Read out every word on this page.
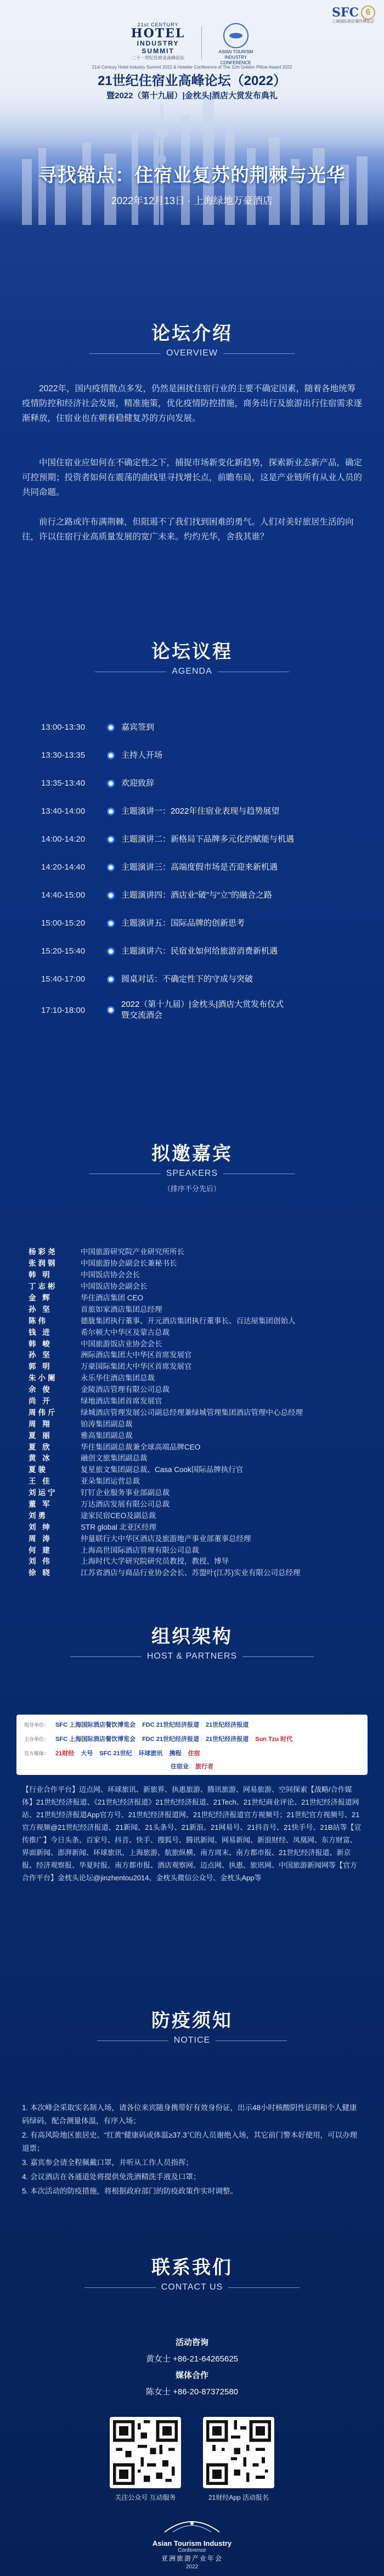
SFC 6
上海国际酒店餐饮博览会
21st CENTURY
HOTEL
INDUSTRY
SUMMIT
二十一世纪住宿业高峰论坛
ASIAN TOURISM
INDUSTRY
CONFERENCE
21st Century Hotel Industry Summit 2022 & Hotelier Conference of The 11th Golden Pillow Award 2022
21世纪住宿业高峰论坛（2022）
暨2022（第十九届）|金枕头|酒店大赏发布典礼
寻找锚点：住宿业复苏的荆棘与光华
2022年12月13日 · 上海绿地万豪酒店
论坛介绍
OVERVIEW
2022年，国内疫情散点多发，仍然是困扰住宿行业的主要不确定因素，随着各地统筹疫情防控和经济社会发展，精准施策，优化疫情防控措施，商务出行及旅游出行住宿需求逐渐释放，住宿业也在朝着稳健复苏的方向发展。
中国住宿业应如何在不确定性之下，捕捉市场新变化新趋势，探索新业态新产品，确定可控预期；投资者如何在震荡的曲线里寻找增长点，前瞻布局，这是产业链所有从业人员的共同命题。
前行之路或许布满荆棘，但阻遏不了我们找到困难的勇气。人们对美好旅居生活的向往，许以住宿行业高质量发展的宽广未来。灼灼光华，舍我其谁？
论坛议程
AGENDA
13:00-13:30	嘉宾签到
13:30-13:35	主持人开场
13:35-13:40	欢迎致辞
13:40-14:00	主题演讲一：2022年住宿业表现与趋势展望
14:00-14:20	主题演讲二：新格局下品牌多元化的赋能与机遇
14:20-14:40	主题演讲三：高端度假市场是否迎来新机遇
14:40-15:00	主题演讲四：酒店业“破”与“立”的融合之路
15:00-15:20	主题演讲五：国际品牌的创新思考
15:20-15:40	主题演讲六：民宿业如何给旅游消费新机遇
15:40-17:00	圆桌对话：不确定性下的守成与突破
17:10-18:00
2022（第十九届）|金枕头|酒店大赏发布仪式暨交流酒会
拟邀嘉宾
SPEAKERS
（排序不分先后）
杨彩尧	中国旅游研究院产业研究所所长
张润钢	中国旅游协会副会长兼秘书长
韩 明	中国饭店协会会长
丁志彬	中国饭店协会副会长
金 辉	华住酒店集团 CEO
孙 坚	首旅如家酒店集团总经理
陈伟	德胧集团执行董事、开元酒店集团执行董事长、百达屋集团创始人
钱 进	希尔顿大中华区及蒙古总裁
韩 峻	中国旅游饭店业协会会长
孙 坚	洲际酒店集团大中华区首席发展官
郭 明	万豪国际集团大中华区首席发展官
朱小阑	永乐华住酒店集团总裁
余 俊	金陵酒店管理有限公司总裁
尚 开	绿地酒店集团首席发展官
周伟斤	绿城酒店管理发展公司副总经理兼绿城管理集团酒店管理中心总经理
周 翔	铂涛集团副总裁
夏 丽	雅高集团副总裁
夏 欣	华住集团副总裁兼全球高端品牌CEO
黄 冰	融创文旅集团副总裁
夏骏	复星旅文集团副总裁、Casa Cook国际品牌执行官
王 佳	亚朵集团运营总裁
刘运宁	钉钉企业服务事业部副总裁
董 军	万达酒店发展有限公司总裁
刘勇	途家民宿CEO及副总裁
刘 绅	STR global 北亚区经理
周 涛	仲量联行大中华区酒店及旅游地产事业部董事总经理
何 建	上海高世国际酒店管理有限公司总裁
刘 伟	上海时代大学研究院研究员教授，教授、博导
徐 晓	江苏省酒店与商品行业协会会长、苏盟叶(江苏)实业有限公司总经理
组织架构
HOST & PARTNERS
指导单位： SFC 上海国际酒店餐饮博览会 FDC 21世纪经济报道 21世纪经济报道
主办单位： SFC 上海国际酒店餐饮博览会 FDC 21世纪经济报道 21世纪经济报道 Sun Tzu 时代
官方媒体： 21财经 大号 SFC 21世纪 环球旅讯 携程 住宿
住宿业 旅行者
【行业合作平台】迈点网、环球旅讯、新旅界、执惠旅游、腾讯旅游、网易旅游、空间探索【战略/合作媒体】21世纪经济报道、《21世纪经济报道》21世纪经济报道、21Tech、21世纪商业评论、21世纪经济报道网站、21世纪经济报道App官方号、21世纪经济报道网、21世纪经济报道官方视频号；21世纪官方视频号、21官方视频@21世纪经济报道、21新闻、21头条号、21新浪、21网易号、21抖音号、21快手号、21B站等【宣传推广】今日头条、百家号、抖音、快手、搜狐号、腾讯新闻、网易新闻、新浪财经、凤凰网、东方财富、界面新闻、澎湃新闻、环球旅讯、上海旅游、航旅纵横、南方周末、南方都市报、21世纪经济报道、新京报、经济观察报、华夏时报、南方都市报、酒店观察网、迈点网、执惠、旅讯网、中国旅游新闻网等【官方合作平台】金枕头论坛@jinzhentou2014、金枕头微信公众号、金枕头App等
防疫须知
NOTICE

1. 本次峰会采取实名制入场，请各位来宾随身携带好有效身份证，出示48小时核酸阴性证明和个人健康码绿码，配合测量体温，有序入场；

2. 有高风险地区旅居史、“红黄”健康码或体温≥37.3℃的人员谢绝入场，其它前门警本好使用，可以办理退票；

3. 嘉宾参会请全程佩戴口罩，并听从工作人员指挥；

4. 会议酒店在各通道处将提供免洗酒精洗手液及口罩；

5. 本次活动的防疫措施，将根据政府部门的防疫政策作实时调整。

联系我们
CONTACT US
活动咨询
黄女士 +86-21-64265625
媒体合作
陈女士 +86-20-87372580
关注公众号 互动服务	21财经App 活动报名
Asian Tourism Industry
Conference
亚洲旅游产业年会
2022
